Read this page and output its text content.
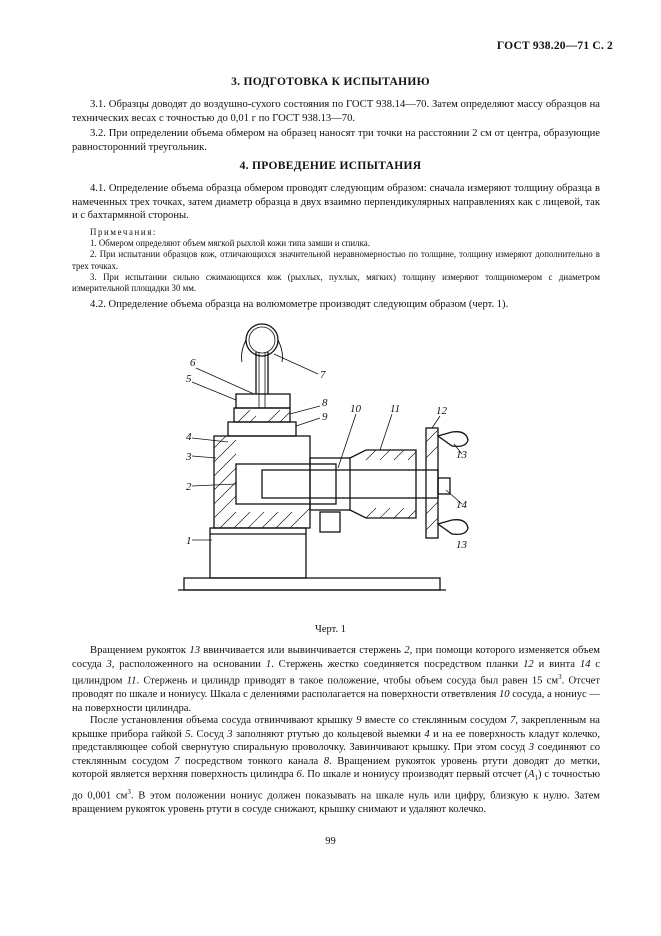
ГОСТ 938.20—71 С. 2
3. ПОДГОТОВКА К ИСПЫТАНИЮ
3.1. Образцы доводят до воздушно-сухого состояния по ГОСТ 938.14—70. Затем определяют массу образцов на технических весах с точностью до 0,01 г по ГОСТ 938.13—70.
3.2. При определении объема обмером на образец наносят три точки на расстоянии 2 см от центра, образующие равносторонний треугольник.
4. ПРОВЕДЕНИЕ ИСПЫТАНИЯ
4.1. Определение объема образца обмером проводят следующим образом: сначала измеряют толщину образца в намеченных трех точках, затем диаметр образца в двух взаимно перпендикулярных направлениях как с лицевой, так и с бахтармяной стороны.
Примечания:
1. Обмером определяют объем мягкой рыхлой кожи типа замши и спилка.
2. При испытании образцов кож, отличающихся значительной неравномерностью по толщине, толщину измеряют дополнительно в трех точках.
3. При испытании сильно сжимающихся кож (рыхлых, пухлых, мягких) толщину измеряют толщиномером с диаметром измерительной площадки 30 мм.
4.2. Определение объема образца на волюмометре производят следующим образом (черт. 1).
6
5
4
3
2
1
7
8
9
10	11	12
13
14
13
Черт. 1
Вращением рукояток 13 ввинчивается или вывинчивается стержень 2, при помощи которого изменяется объем сосуда 3, расположенного на основании 1. Стержень жестко соединяется посредством планки 12 и винта 14 с цилиндром 11. Стержень и цилиндр приводят в такое положение, чтобы объем сосуда был равен 15 $см^3$. Отсчет проводят по шкале и нониусу. Шкала с делениями располагается на поверхности ответвления 10 сосуда, а нониус — на поверхности цилиндра.
После установления объема сосуда отвинчивают крышку 9 вместе со стеклянным сосудом 7, закрепленным на крышке прибора гайкой 5. Сосуд 3 заполняют ртутью до кольцевой выемки 4 и на ее поверхность кладут колечко, представляющее собой свернутую спиральную проволочку. Завинчивают крышку. При этом сосуд 3 соединяют со стеклянным сосудом 7 посредством тонкого канала 8. Вращением рукояток уровень ртути доводят до метки, которой является верхняя поверхность цилиндра 6. По шкале и нониусу производят первый отсчет $(A_1)$ с точностью до 0,001 $см^3$. В этом положении нониус должен показывать на шкале нуль или цифру, близкую к нулю. Затем вращением рукояток уровень ртути в сосуде снижают, крышку снимают и удаляют колечко.
99
